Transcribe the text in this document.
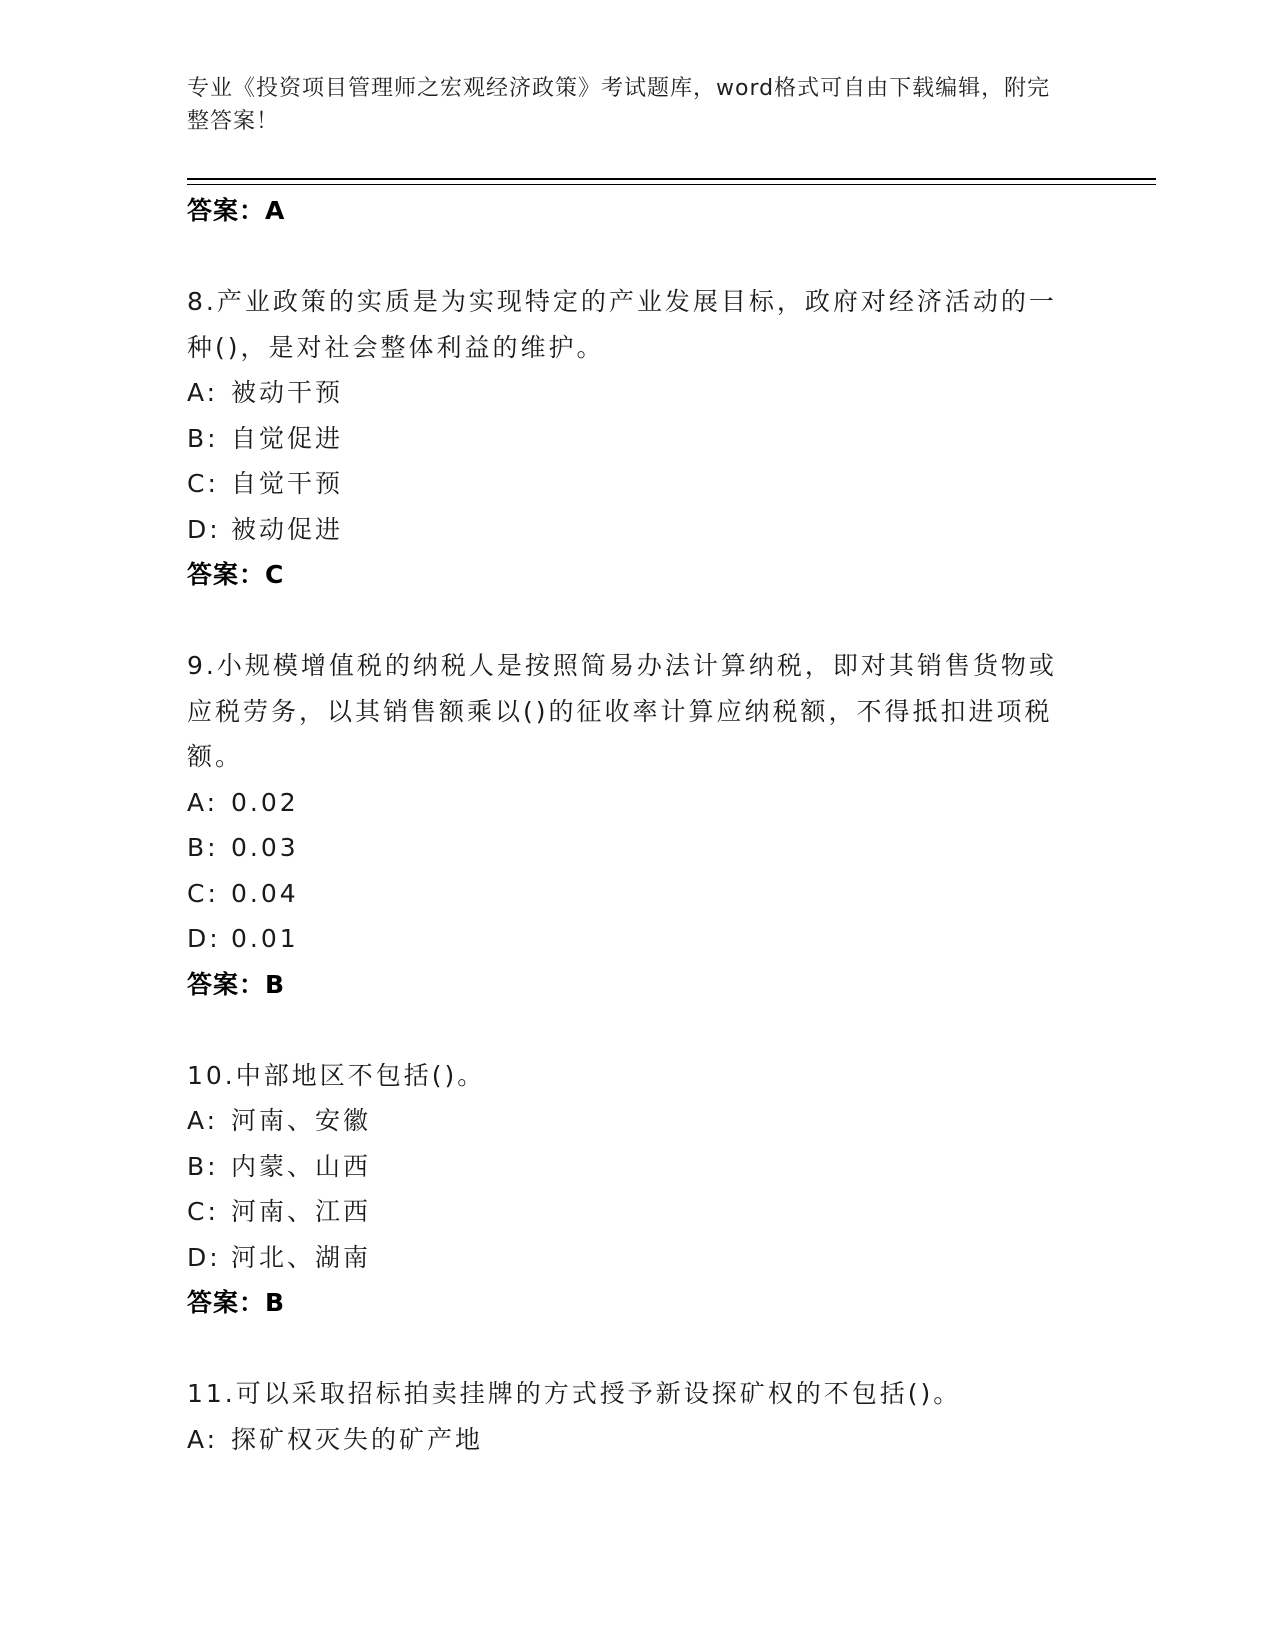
专业《投资项目管理师之宏观经济政策》考试题库，word格式可自由下载编辑，附完整答案！
答案：A
8.产业政策的实质是为实现特定的产业发展目标，政府对经济活动的一种()，是对社会整体利益的维护。
A: 被动干预
B: 自觉促进
C: 自觉干预
D: 被动促进
答案：C
9.小规模增值税的纳税人是按照简易办法计算纳税，即对其销售货物或应税劳务，以其销售额乘以()的征收率计算应纳税额，不得抵扣进项税额。
A: 0.02
B: 0.03
C: 0.04
D: 0.01
答案：B
10.中部地区不包括()。
A: 河南、安徽
B: 内蒙、山西
C: 河南、江西
D: 河北、湖南
答案：B
11.可以采取招标拍卖挂牌的方式授予新设探矿权的不包括()。
A: 探矿权灭失的矿产地
